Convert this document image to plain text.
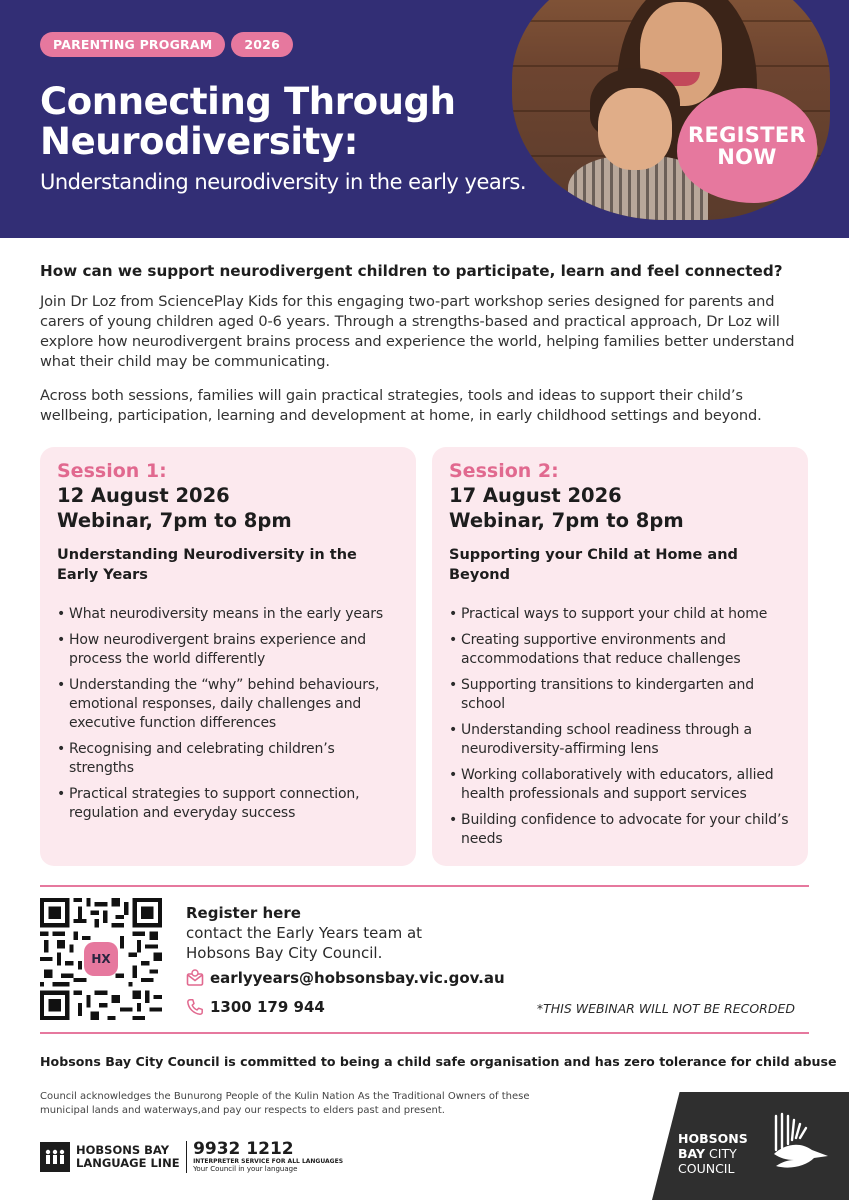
PARENTING PROGRAM	2026
Connecting Through
Neurodiversity:
Understanding neurodiversity in the early years.
REGISTER
NOW
How can we support neurodivergent children to participate, learn and feel connected?

Join Dr Loz from SciencePlay Kids for this engaging two-part workshop series designed for parents and carers of young children aged 0-6 years. Through a strengths-based and practical approach, Dr Loz will explore how neurodivergent brains process and experience the world, helping families better understand what their child may be communicating.

Across both sessions, families will gain practical strategies, tools and ideas to support their child’s wellbeing, participation, learning and development at home, in early childhood settings and beyond.

Session 1:
12 August 2026
Webinar, 7pm to 8pm
Understanding Neurodiversity in the Early Years
• What neurodiversity means in the early years
• How neurodivergent brains experience and process the world differently
• Understanding the “why” behind behaviours, emotional responses, daily challenges and executive function differences
• Recognising and celebrating children’s strengths
• Practical strategies to support connection, regulation and everyday success
Session 2:
17 August 2026
Webinar, 7pm to 8pm
Supporting your Child at Home and Beyond
• Practical ways to support your child at home
• Creating supportive environments and accommodations that reduce challenges
• Supporting transitions to kindergarten and school
• Understanding school readiness through a neurodiversity-affirming lens
• Working collaboratively with educators, allied health professionals and support services
• Building confidence to advocate for your child’s needs
HX
Register here
contact the Early Years team at
Hobsons Bay City Council.
earlyyears@hobsonsbay.vic.gov.au
1300 179 944	*THIS WEBINAR WILL NOT BE RECORDED
Hobsons Bay City Council is committed to being a child safe organisation and has zero tolerance for child abuse

Council acknowledges the Bunurong People of the Kulin Nation As the Traditional Owners of these municipal lands and waterways,and pay our respects to elders past and present.

HOBSONS BAY
LANGUAGE LINE
9932 1212
INTERPRETER SERVICE FOR ALL LANGUAGES
Your Council in your language
HOBSONS
BAY CITY
COUNCIL
